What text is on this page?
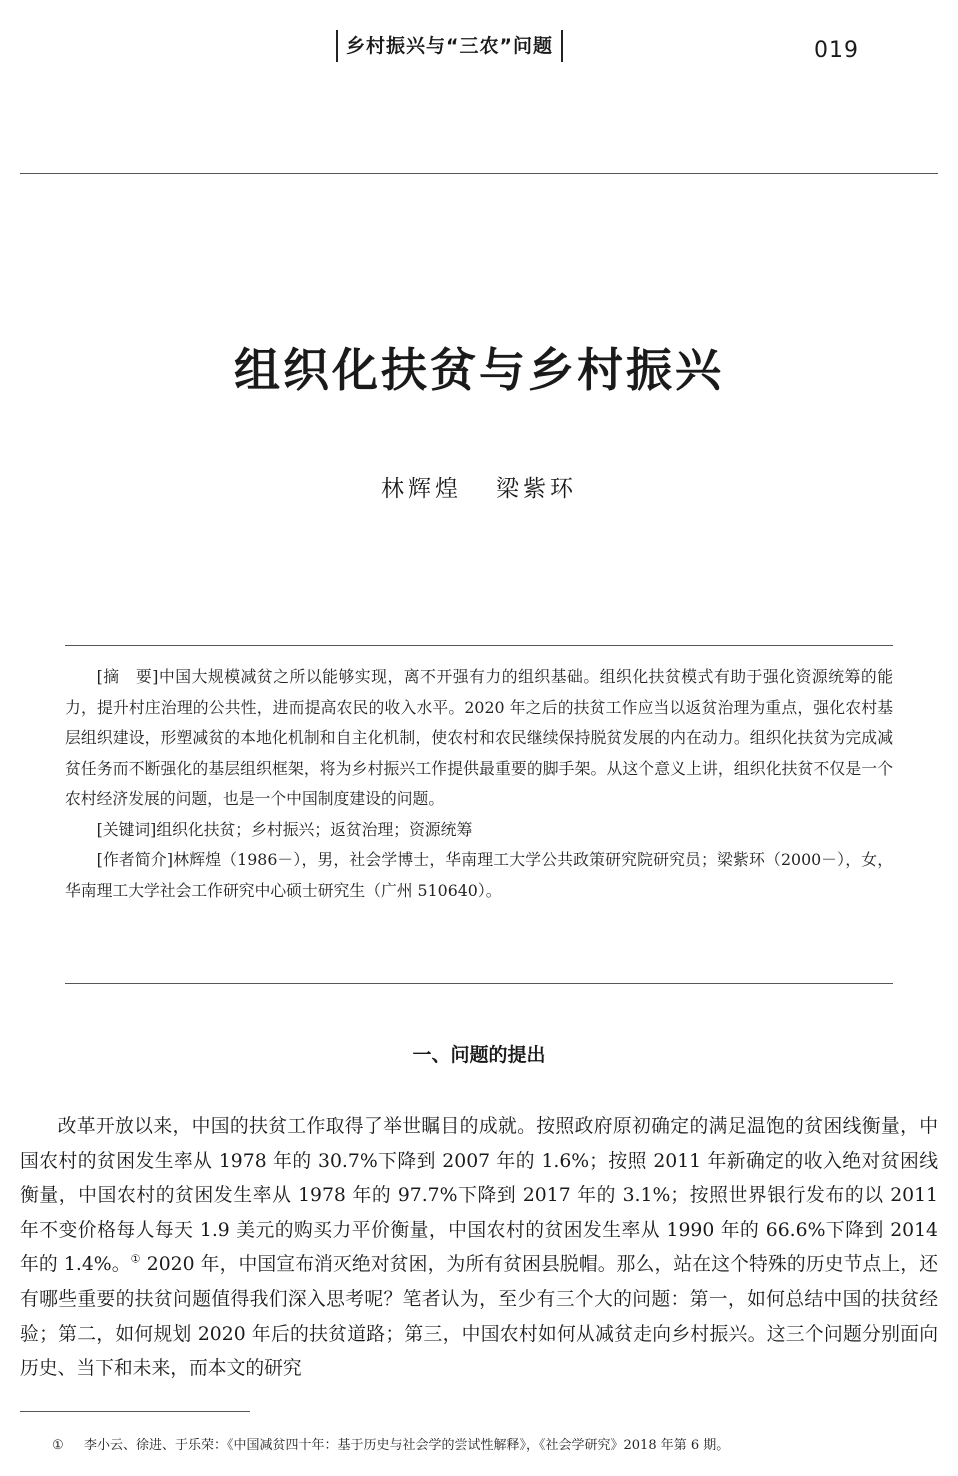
乡村振兴与“三农”问题	019
组织化扶贫与乡村振兴
林辉煌   梁紫环

[摘　要]中国大规模减贫之所以能够实现，离不开强有力的组织基础。组织化扶贫模式有助于强化资源统筹的能力，提升村庄治理的公共性，进而提高农民的收入水平。2020 年之后的扶贫工作应当以返贫治理为重点，强化农村基层组织建设，形塑减贫的本地化机制和自主化机制，使农村和农民继续保持脱贫发展的内在动力。组织化扶贫为完成减贫任务而不断强化的基层组织框架，将为乡村振兴工作提供最重要的脚手架。从这个意义上讲，组织化扶贫不仅是一个农村经济发展的问题，也是一个中国制度建设的问题。

[关键词]组织化扶贫；乡村振兴；返贫治理；资源统筹

[作者简介]林辉煌（1986－），男，社会学博士，华南理工大学公共政策研究院研究员；梁紫环（2000－），女，华南理工大学社会工作研究中心硕士研究生（广州 510640）。

一、问题的提出

改革开放以来，中国的扶贫工作取得了举世瞩目的成就。按照政府原初确定的满足温饱的贫困线衡量，中国农村的贫困发生率从 1978 年的 30.7%下降到 2007 年的 1.6%；按照 2011 年新确定的收入绝对贫困线衡量，中国农村的贫困发生率从 1978 年的 97.7%下降到 2017 年的 3.1%；按照世界银行发布的以 2011 年不变价格每人每天 1.9 美元的购买力平价衡量，中国农村的贫困发生率从 1990 年的 66.6%下降到 2014 年的 1.4%。① 2020 年，中国宣布消灭绝对贫困，为所有贫困县脱帽。那么，站在这个特殊的历史节点上，还有哪些重要的扶贫问题值得我们深入思考呢？笔者认为，至少有三个大的问题：第一，如何总结中国的扶贫经验；第二，如何规划 2020 年后的扶贫道路；第三，中国农村如何从减贫走向乡村振兴。这三个问题分别面向历史、当下和未来，而本文的研究

① 李小云、徐进、于乐荣：《中国减贫四十年：基于历史与社会学的尝试性解释》，《社会学研究》2018 年第 6 期。
